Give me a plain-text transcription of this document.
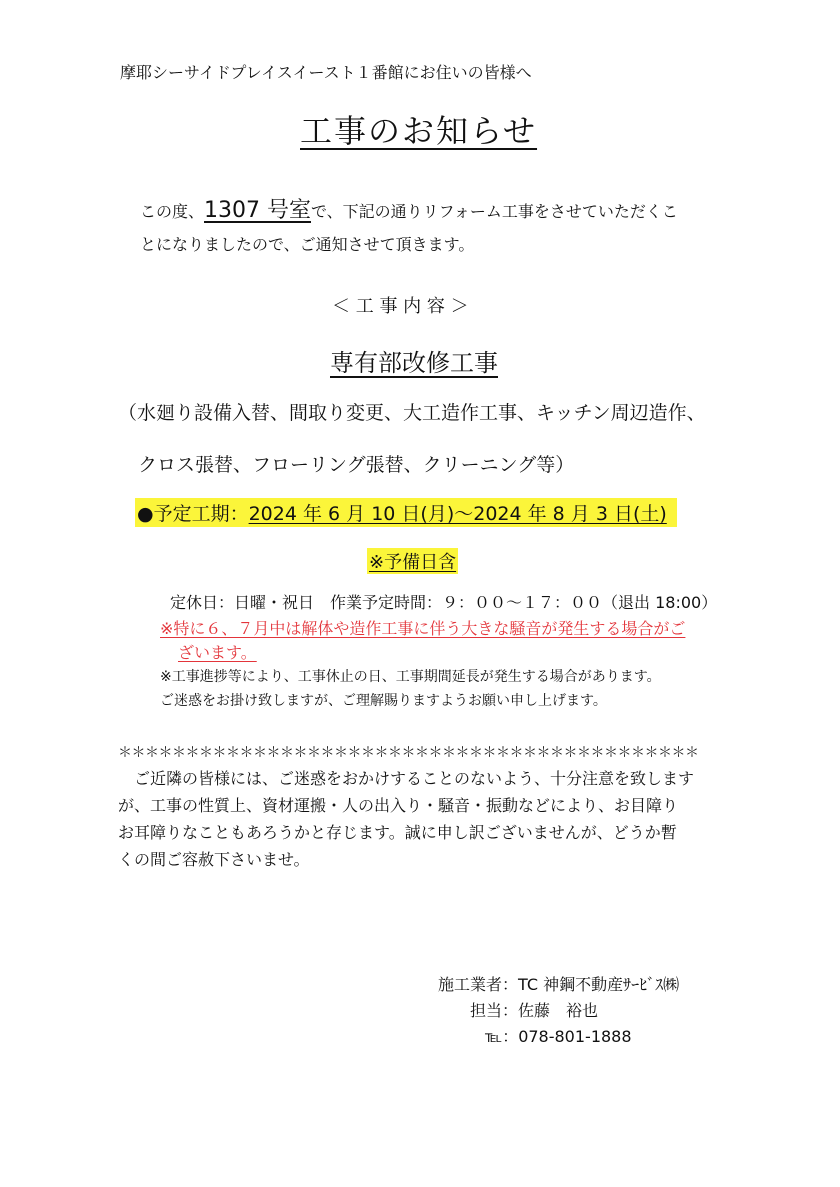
摩耶シーサイドプレイスイースト１番館にお住いの皆様へ
工事のお知らせ
この度、1307 号室で、下記の通りリフォーム工事をさせていただくこ
とになりましたので、ご通知させて頂きます。
＜ 工 事 内 容 ＞
専有部改修工事
（水廻り設備入替、間取り変更、大工造作工事、キッチン周辺造作、
クロス張替、フローリング張替、クリーニング等）
●予定工期：2024 年 6 月 10 日(月)～2024 年 8 月 3 日(土)
※予備日含
定休日：日曜・祝日　作業予定時間：９：００～１７：００（退出 18:00）
※特に６、７月中は解体や造作工事に伴う大きな騒音が発生する場合がご
ざいます。
※工事進捗等により、工事休止の日、工事期間延長が発生する場合があります。
ご迷惑をお掛け致しますが、ご理解賜りますようお願い申し上げます。
＊＊＊＊＊＊＊＊＊＊＊＊＊＊＊＊＊＊＊＊＊＊＊＊＊＊＊＊＊＊＊＊＊＊＊＊＊＊＊＊＊＊＊
　ご近隣の皆様には、ご迷惑をおかけすることのないよう、十分注意を致します
が、工事の性質上、資材運搬・人の出入り・騒音・振動などにより、お目障り
お耳障りなこともあろうかと存じます。誠に申し訳ございませんが、どうか暫
くの間ご容赦下さいませ。
施工業者：TC 神鋼不動産ｻｰﾋﾞｽ㈱
担当：佐藤　裕也
℡：078-801-1888
